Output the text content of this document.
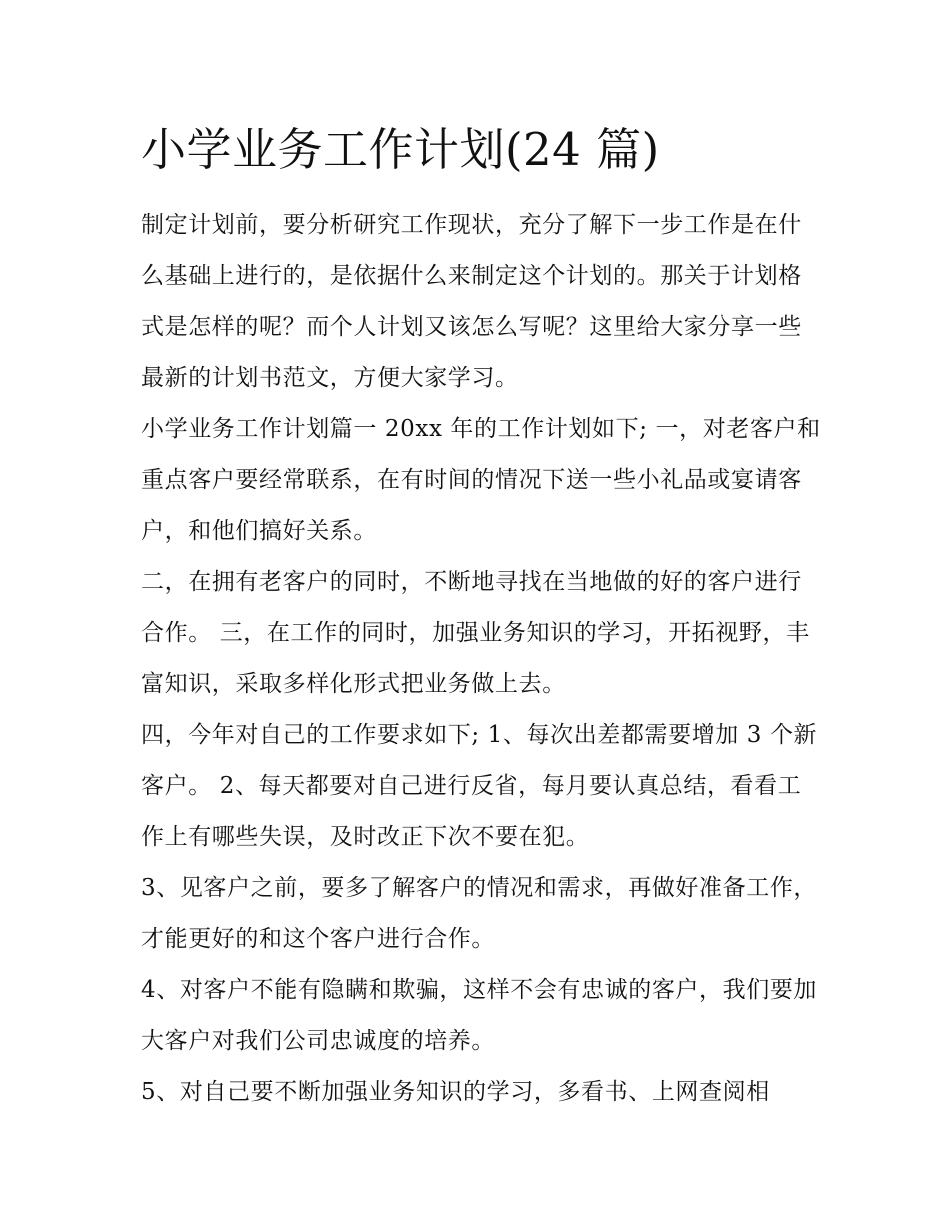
小学业务工作计划(24 篇)

制定计划前，要分析研究工作现状，充分了解下一步工作是在什么基础上进行的，是依据什么来制定这个计划的。那关于计划格式是怎样的呢？而个人计划又该怎么写呢？这里给大家分享一些最新的计划书范文，方便大家学习。

小学业务工作计划篇一 20xx 年的工作计划如下; 一，对老客户和重点客户要经常联系，在有时间的情况下送一些小礼品或宴请客户，和他们搞好关系。

二，在拥有老客户的同时，不断地寻找在当地做的好的客户进行合作。 三，在工作的同时，加强业务知识的学习，开拓视野，丰富知识，采取多样化形式把业务做上去。

四，今年对自己的工作要求如下; 1、每次出差都需要增加 3 个新客户。 2、每天都要对自己进行反省，每月要认真总结，看看工作上有哪些失误，及时改正下次不要在犯。

3、见客户之前，要多了解客户的情况和需求，再做好准备工作，才能更好的和这个客户进行合作。

4、对客户不能有隐瞒和欺骗，这样不会有忠诚的客户，我们要加大客户对我们公司忠诚度的培养。

5、对自己要不断加强业务知识的学习，多看书、上网查阅相
